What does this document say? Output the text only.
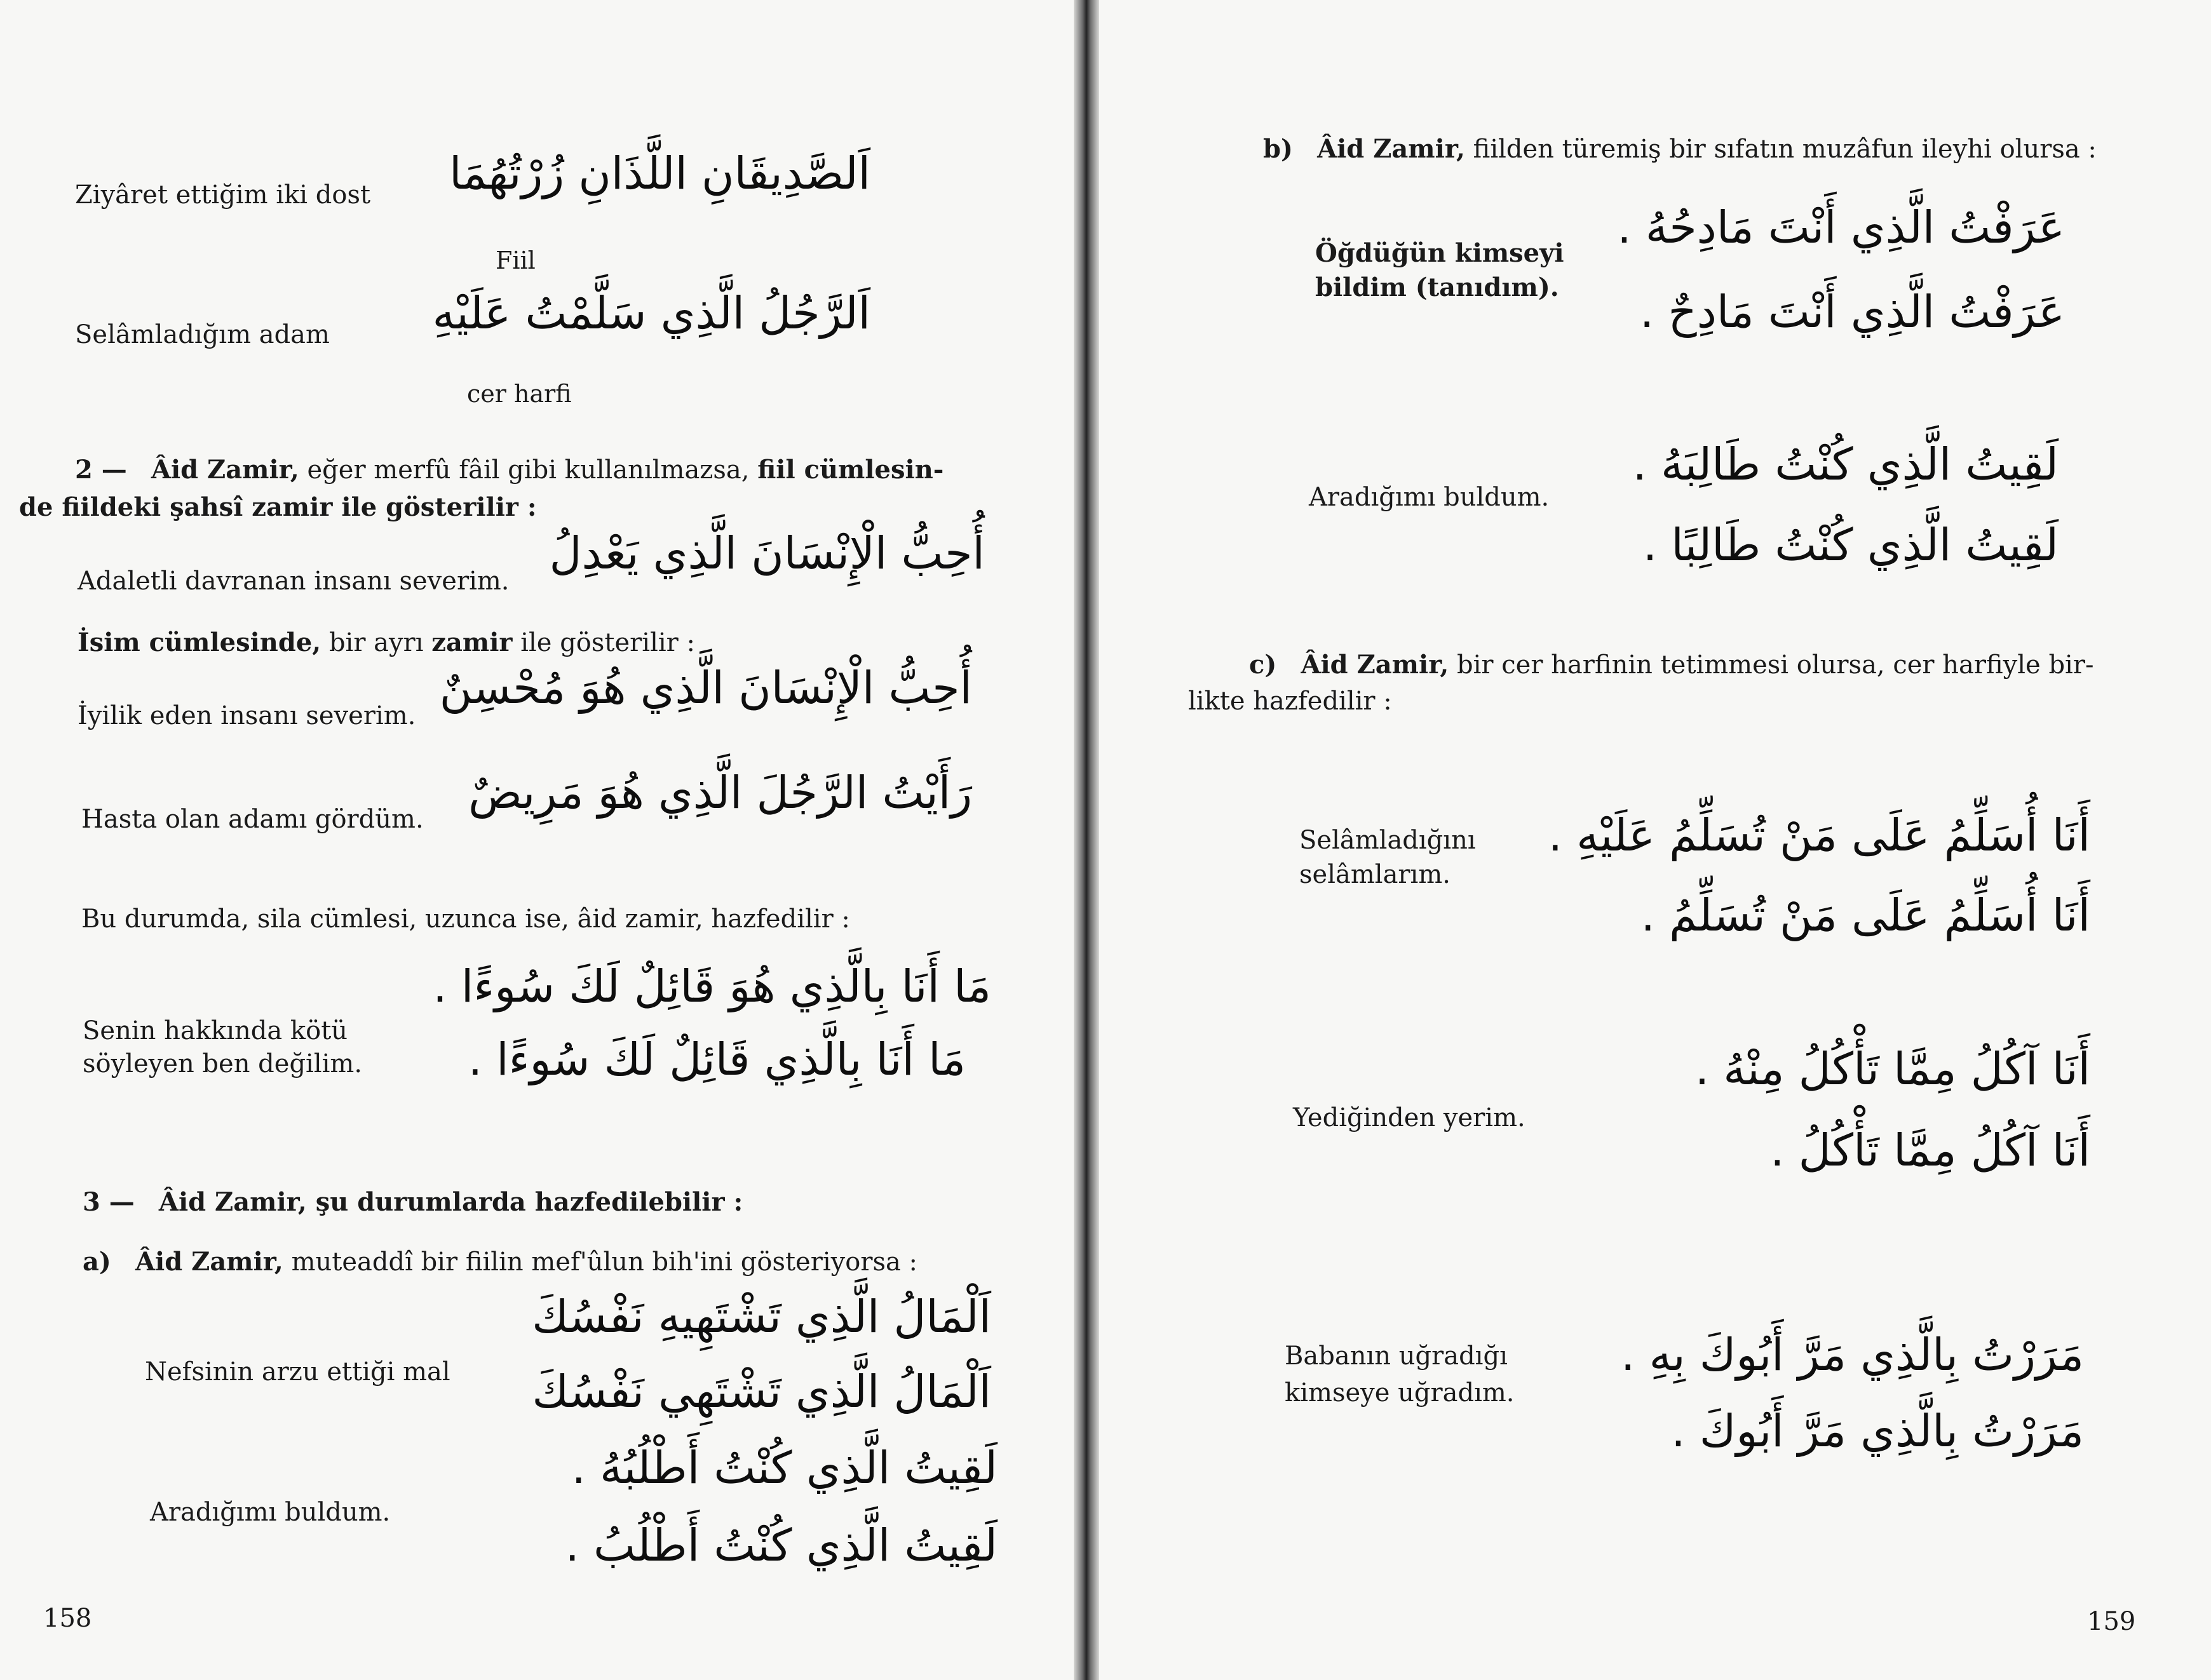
Ziyâret ettiğim iki dost	اَلصَّدِيقَانِ اللَّذَانِ زُرْتُهُمَا
Fiil
Selâmladığım adam اَلرَّجُلُ الَّذِي سَلَّمْتُ عَلَيْهِ
cer harfi
2 — Âid Zamir, eğer merfû fâil gibi kullanılmazsa, fiil cümlesin-
de fiildeki şahsî zamir ile gösterilir :
Adaletli davranan insanı severim.
أُحِبُّ الْإِنْسَانَ الَّذِي يَعْدِلُ
İsim cümlesinde, bir ayrı zamir ile gösterilir :
İyilik eden insanı severim.
أُحِبُّ الْإِنْسَانَ الَّذِي هُوَ مُحْسِنٌ
Hasta olan adamı gördüm.
رَأَيْتُ الرَّجُلَ الَّذِي هُوَ مَرِيضٌ
Bu durumda, sila cümlesi, uzunca ise, âid zamir, hazfedilir :
Senin hakkında kötü
söyleyen ben değilim.
مَا أَنَا بِالَّذِي هُوَ قَائِلٌ لَكَ سُوءًا .
مَا أَنَا بِالَّذِي قَائِلٌ لَكَ سُوءًا .
3 — Âid Zamir, şu durumlarda hazfedilebilir :
a) Âid Zamir, muteaddî bir fiilin mef'ûlun bih'ini gösteriyorsa :
Nefsinin arzu ettiği mal
اَلْمَالُ الَّذِي تَشْتَهِيهِ نَفْسُكَ
اَلْمَالُ الَّذِي تَشْتَهِي نَفْسُكَ
Aradığımı buldum.
لَقِيتُ الَّذِي كُنْتُ أَطْلُبُهُ .
لَقِيتُ الَّذِي كُنْتُ أَطْلُبُ .
158
b) Âid Zamir, fiilden türemiş bir sıfatın muzâfun ileyhi olursa :
Öğdüğün kimseyi
bildim (tanıdım).
عَرَفْتُ الَّذِي أَنْتَ مَادِحُهُ .
عَرَفْتُ الَّذِي أَنْتَ مَادِحٌ .
Aradığımı buldum.
لَقِيتُ الَّذِي كُنْتُ طَالِبَهُ .
لَقِيتُ الَّذِي كُنْتُ طَالِبًا .
c) Âid Zamir, bir cer harfinin tetimmesi olursa, cer harfiyle bir-
likte hazfedilir :
Selâmladığını
selâmlarım.
أَنَا أُسَلِّمُ عَلَى مَنْ تُسَلِّمُ عَلَيْهِ .
أَنَا أُسَلِّمُ عَلَى مَنْ تُسَلِّمُ .
Yediğinden yerim.
أَنَا آكُلُ مِمَّا تَأْكُلُ مِنْهُ .
أَنَا آكُلُ مِمَّا تَأْكُلُ .
Babanın uğradığı
kimseye uğradım.
مَرَرْتُ بِالَّذِي مَرَّ أَبُوكَ بِهِ .
مَرَرْتُ بِالَّذِي مَرَّ أَبُوكَ .
159
